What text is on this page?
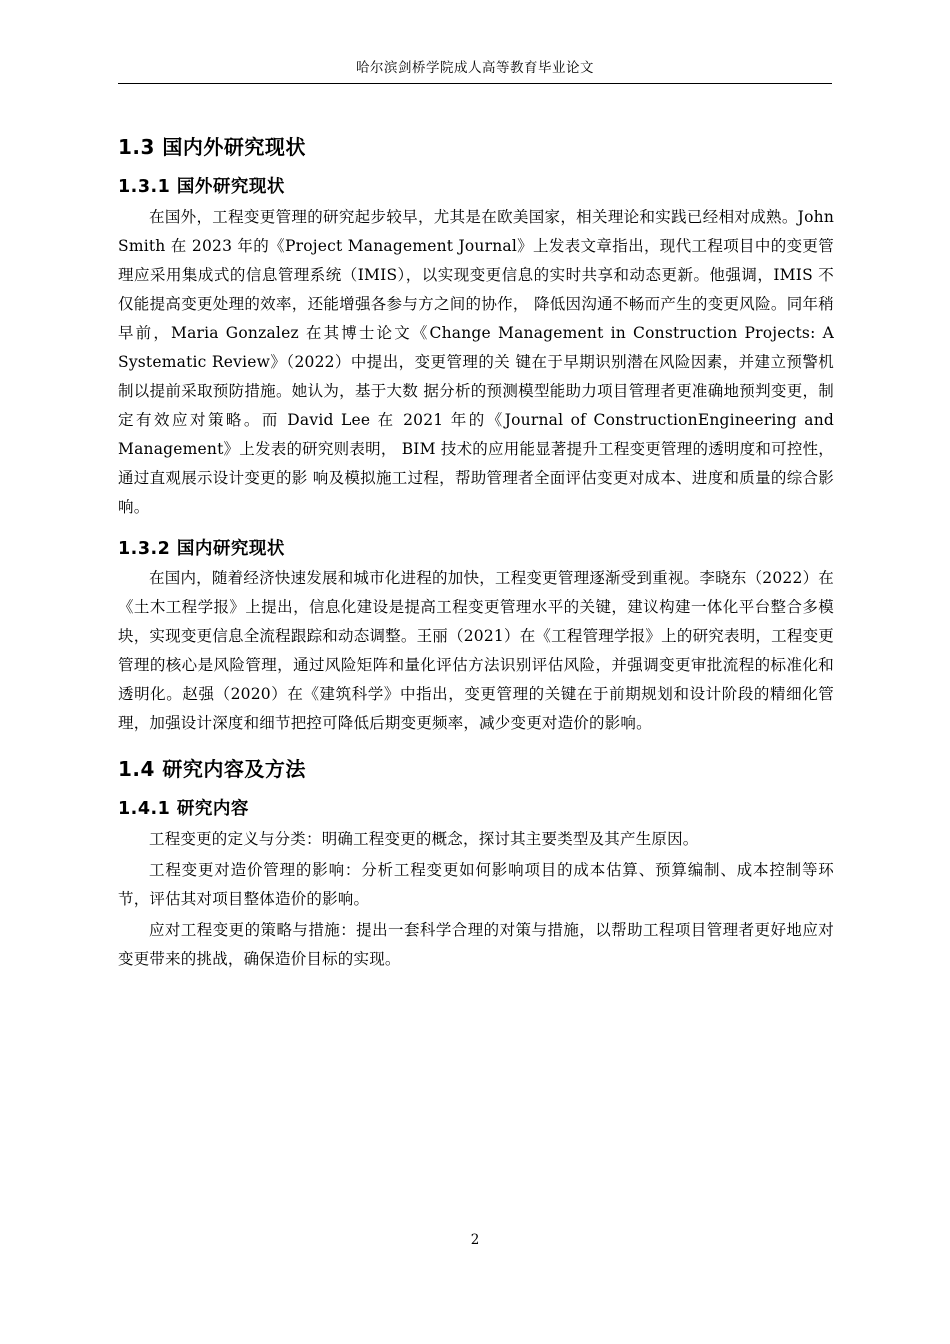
哈尔滨剑桥学院成人高等教育毕业论文
1.3 国内外研究现状
1.3.1 国外研究现状

在国外，工程变更管理的研究起步较早，尤其是在欧美国家，相关理论和实践已经相对成熟。John Smith 在 2023 年的《Project Management Journal》上发表文章指出，现代工程项目中的变更管理应采用集成式的信息管理系统（IMIS），以实现变更信息的实时共享和动态更新。他强调，IMIS 不仅能提高变更处理的效率，还能增强各参与方之间的协作， 降低因沟通不畅而产生的变更风险。同年稍早前，Maria Gonzalez 在其博士论文《Change Management in Construction Projects: A Systematic Review》（2022）中提出，变更管理的关 键在于早期识别潜在风险因素，并建立预警机制以提前采取预防措施。她认为，基于大数 据分析的预测模型能助力项目管理者更准确地预判变更，制定有效应对策略。而 David Lee 在 2021 年的《Journal of ConstructionEngineering and Management》上发表的研究则表明， BIM 技术的应用能显著提升工程变更管理的透明度和可控性，通过直观展示设计变更的影 响及模拟施工过程，帮助管理者全面评估变更对成本、进度和质量的综合影响。

1.3.2 国内研究现状

在国内，随着经济快速发展和城市化进程的加快，工程变更管理逐渐受到重视。李晓东（2022）在《土木工程学报》上提出，信息化建设是提高工程变更管理水平的关键，建议构建一体化平台整合多模块，实现变更信息全流程跟踪和动态调整。王丽（2021）在《工程管理学报》上的研究表明，工程变更管理的核心是风险管理，通过风险矩阵和量化评估方法识别评估风险，并强调变更审批流程的标准化和透明化。赵强（2020）在《建筑科学》中指出，变更管理的关键在于前期规划和设计阶段的精细化管理，加强设计深度和细节把控可降低后期变更频率，减少变更对造价的影响。

1.4 研究内容及方法
1.4.1 研究内容

工程变更的定义与分类：明确工程变更的概念，探讨其主要类型及其产生原因。

工程变更对造价管理的影响：分析工程变更如何影响项目的成本估算、预算编制、成本控制等环节，评估其对项目整体造价的影响。

应对工程变更的策略与措施：提出一套科学合理的对策与措施，以帮助工程项目管理者更好地应对变更带来的挑战，确保造价目标的实现。

2
